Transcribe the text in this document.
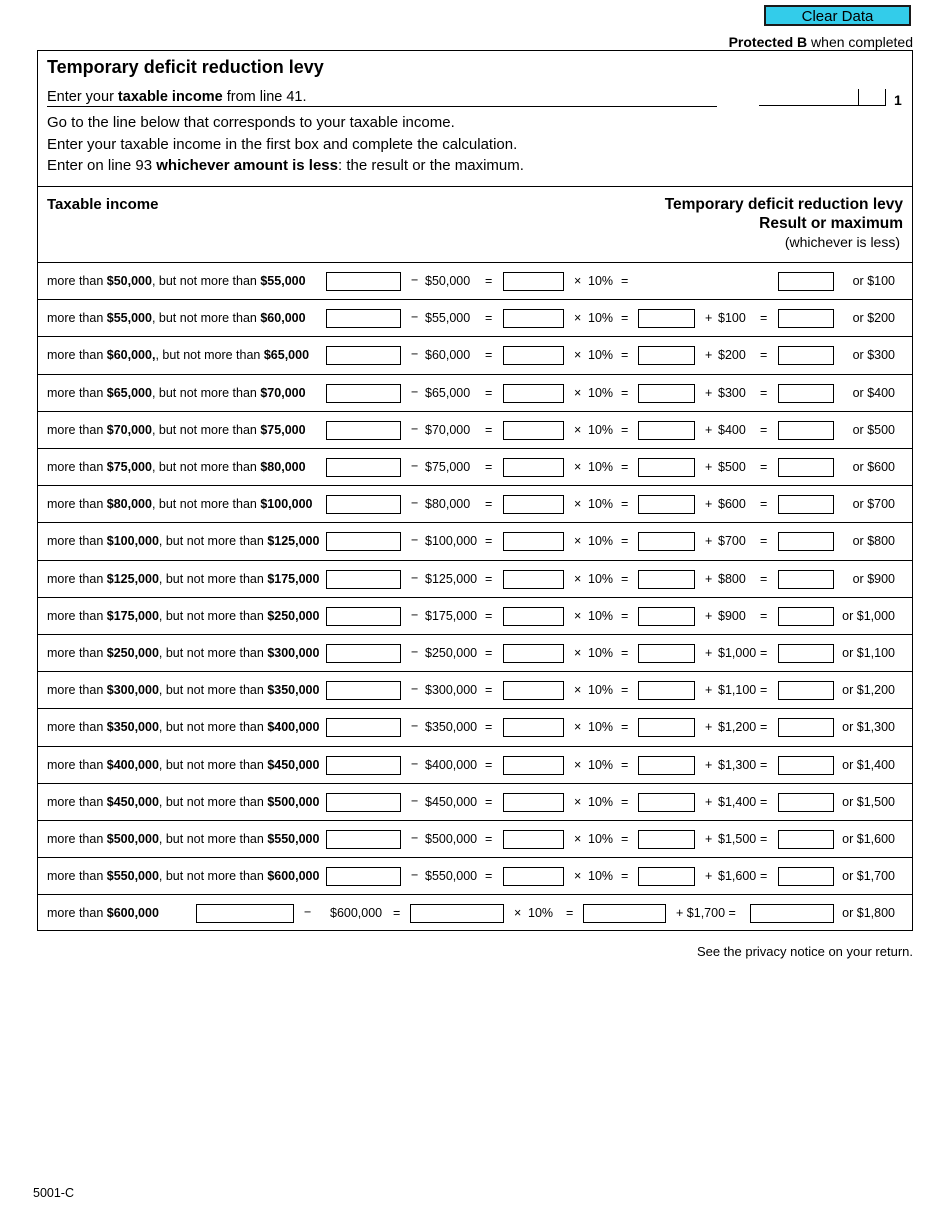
Clear Data
Protected B when completed
Temporary deficit reduction levy
Enter your taxable income from line 41.	1
Go to the line below that corresponds to your taxable income.
Enter your taxable income in the first box and complete the calculation.
Enter on line 93 whichever amount is less: the result or the maximum.
Taxable income	Temporary deficit reduction levy
Result or maximum
(whichever is less)
more than $50,000, but not more than $55,000	− $50,000 =	× 10% =	or $100
more than $55,000, but not more than $60,000	− $55,000 =	× 10% =	+ $100 =	or $200
more than $60,000,, but not more than $65,000	− $60,000 =	× 10% =	+ $200 =	or $300
more than $65,000, but not more than $70,000	− $65,000 =	× 10% =	+ $300 =	or $400
more than $70,000, but not more than $75,000	− $70,000 =	× 10% =	+ $400 =	or $500
more than $75,000, but not more than $80,000	− $75,000 =	× 10% =	+ $500 =	or $600
more than $80,000, but not more than $100,000	− $80,000 =	× 10% =	+ $600 =	or $700
more than $100,000, but not more than $125,000	− $100,000 =	× 10% =	+ $700 =	or $800
more than $125,000, but not more than $175,000	− $125,000 =	× 10% =	+ $800 =	or $900
more than $175,000, but not more than $250,000	− $175,000 =	× 10% =	+ $900 =	or $1,000
more than $250,000, but not more than $300,000	− $250,000 =	× 10% =	+ $1,000 =	or $1,100
more than $300,000, but not more than $350,000	− $300,000 =	× 10% =	+ $1,100 =	or $1,200
more than $350,000, but not more than $400,000	− $350,000 =	× 10% =	+ $1,200 =	or $1,300
more than $400,000, but not more than $450,000	− $400,000 =	× 10% =	+ $1,300 =	or $1,400
more than $450,000, but not more than $500,000	− $450,000 =	× 10% =	+ $1,400 =	or $1,500
more than $500,000, but not more than $550,000	− $500,000 =	× 10% =	+ $1,500 =	or $1,600
more than $550,000, but not more than $600,000	− $550,000 =	× 10% =	+ $1,600 =	or $1,700
more than $600,000	− $600,000 =	× 10% =	+ $1,700 =	or $1,800
See the privacy notice on your return.
5001-C
